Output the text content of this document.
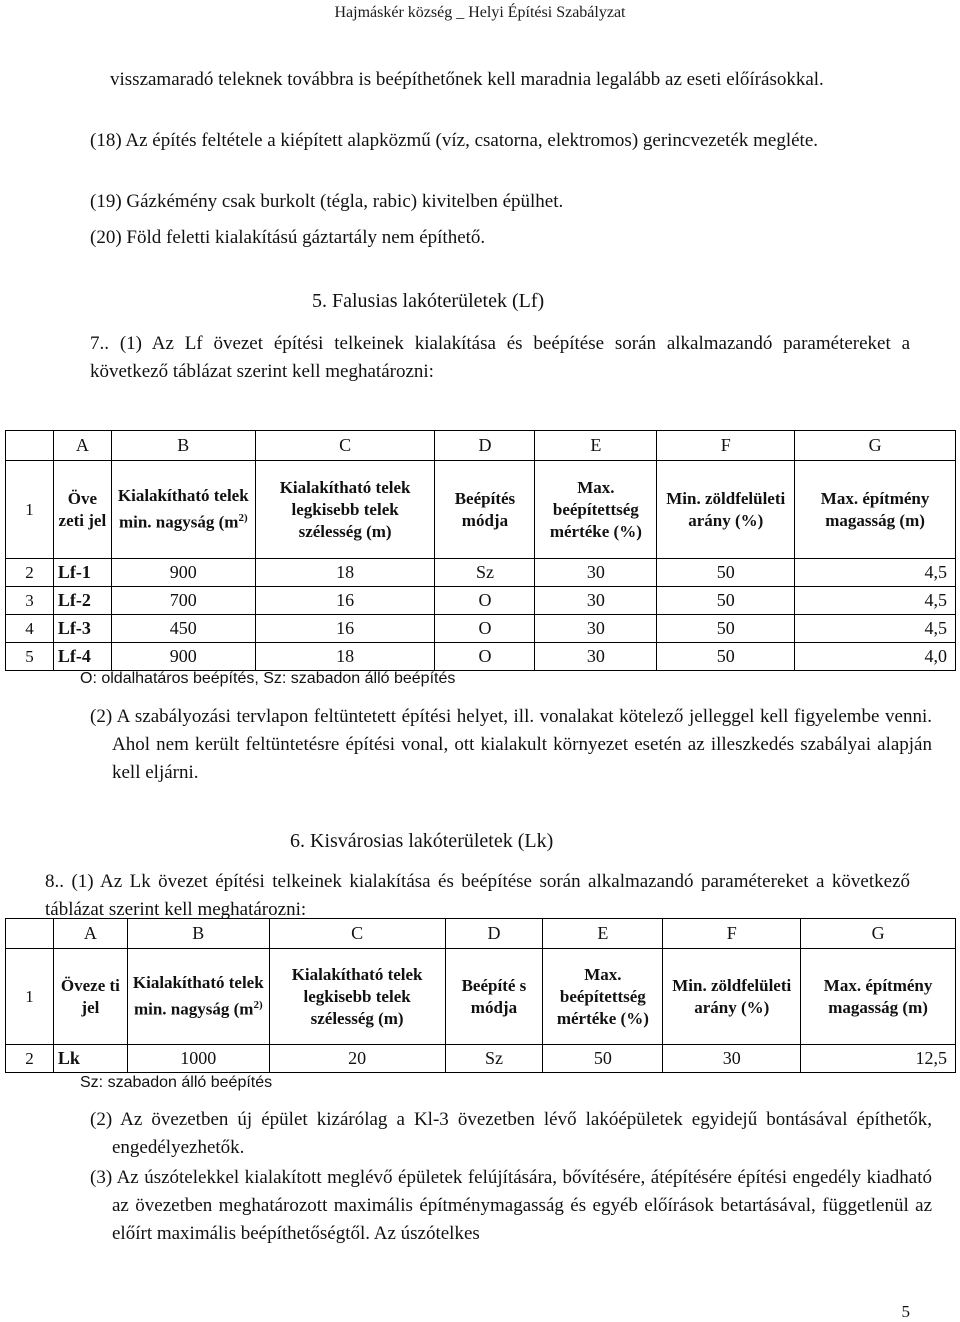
Hajmáskér község _ Helyi Építési Szabályzat
visszamaradó teleknek továbbra is beépíthetőnek kell maradnia legalább az eseti előírásokkal.
(18) Az építés feltétele a kiépített alapközmű (víz, csatorna, elektromos) gerincvezeték megléte.
(19) Gázkémény csak burkolt (tégla, rabic) kivitelben épülhet.
(20) Föld feletti kialakítású gáztartály nem építhető.
5. Falusias lakóterületek (Lf)
7.. (1) Az Lf övezet építési telkeinek kialakítása és beépítése során alkalmazandó paramétereket a következő táblázat szerint kell meghatározni:
	A	B	C	D	E	F	G
1	Öve zeti jel	Kialakítható telek min. nagyság ($m^{2)}$	Kialakítható telek legkisebb telek szélesség (m)	Beépítés módja	Max. beépítettség mértéke (%)	Min. zöldfelületi arány (%)	Max. építmény magasság (m)
2	Lf-1	900	18	Sz	30	50	4,5
3	Lf-2	700	16	O	30	50	4,5
4	Lf-3	450	16	O	30	50	4,5
5	Lf-4	900	18	O	30	50	4,0
O: oldalhatáros beépítés, Sz: szabadon álló beépítés
(2) A szabályozási tervlapon feltüntetett építési helyet, ill. vonalakat kötelező jelleggel kell figyelembe venni. Ahol nem került feltüntetésre építési vonal, ott kialakult környezet esetén az illeszkedés szabályai alapján kell eljárni.
6. Kisvárosias lakóterületek (Lk)
8.. (1) Az Lk övezet építési telkeinek kialakítása és beépítése során alkalmazandó paramétereket a következő táblázat szerint kell meghatározni:
	A	B	C	D	E	F	G
1	Öveze ti jel	Kialakítható telek min. nagyság ($m^{2)}$	Kialakítható telek legkisebb telek szélesség (m)	Beépíté s módja	Max. beépítettség mértéke (%)	Min. zöldfelületi arány (%)	Max. építmény magasság (m)
2	Lk	1000	20	Sz	50	30	12,5
Sz: szabadon álló beépítés
(2) Az övezetben új épület kizárólag a Kl-3 övezetben lévő lakóépületek egyidejű bontásával építhetők, engedélyezhetők.
(3) Az úszótelekkel kialakított meglévő épületek felújítására, bővítésére, átépítésére építési engedély kiadható az övezetben meghatározott maximális építménymagasság és egyéb előírások betartásával, függetlenül az előírt maximális beépíthetőségtől. Az úszótelkes
5
